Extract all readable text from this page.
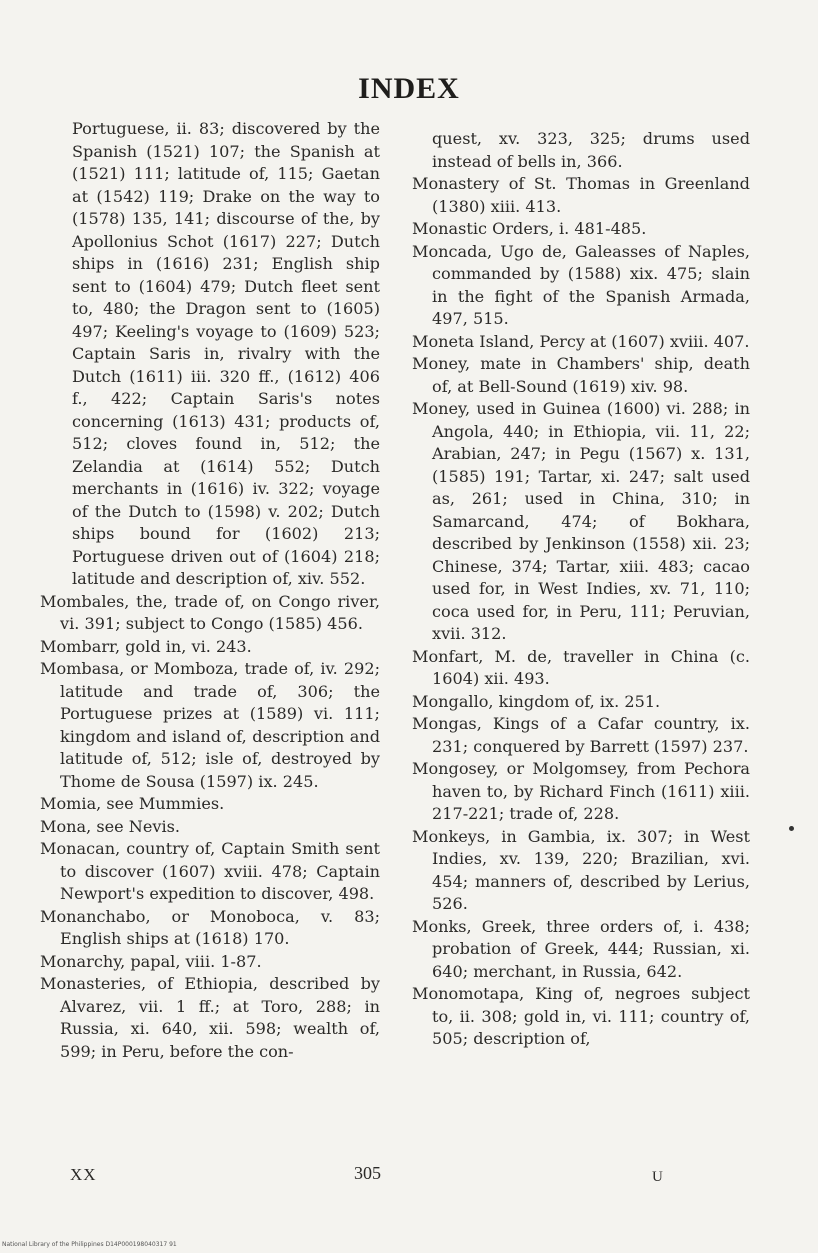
INDEX

Portuguese, ii. 83; discovered by the Spanish (1521) 107; the Spanish at (1521) 111; latitude of, 115; Gaetan at (1542) 119; Drake on the way to (1578) 135, 141; discourse of the, by Apollonius Schot (1617) 227; Dutch ships in (1616) 231; English ship sent to (1604) 479; Dutch fleet sent to, 480; the Dragon sent to (1605) 497; Keeling's voyage to (1609) 523; Captain Saris in, rivalry with the Dutch (1611) iii. 320 ff., (1612) 406 f., 422; Captain Saris's notes concerning (1613) 431; products of, 512; cloves found in, 512; the Zelandia at (1614) 552; Dutch merchants in (1616) iv. 322; voyage of the Dutch to (1598) v. 202; Dutch ships bound for (1602) 213; Portuguese driven out of (1604) 218; latitude and description of, xiv. 552.

Mombales, the, trade of, on Congo river, vi. 391; subject to Congo (1585) 456.

Mombarr, gold in, vi. 243.

Mombasa, or Momboza, trade of, iv. 292; latitude and trade of, 306; the Portuguese prizes at (1589) vi. 111; kingdom and island of, description and latitude of, 512; isle of, destroyed by Thome de Sousa (1597) ix. 245.

Momia, see Mummies.

Mona, see Nevis.

Monacan, country of, Captain Smith sent to discover (1607) xviii. 478; Captain Newport's expedition to discover, 498.

Monanchabo, or Monoboca, v. 83; English ships at (1618) 170.

Monarchy, papal, viii. 1-87.

Monasteries, of Ethiopia, described by Alvarez, vii. 1 ff.; at Toro, 288; in Russia, xi. 640, xii. 598; wealth of, 599; in Peru, before the con-

quest, xv. 323, 325; drums used instead of bells in, 366.

Monastery of St. Thomas in Greenland (1380) xiii. 413.

Monastic Orders, i. 481-485.

Moncada, Ugo de, Galeasses of Naples, commanded by (1588) xix. 475; slain in the fight of the Spanish Armada, 497, 515.

Moneta Island, Percy at (1607) xviii. 407.

Money, mate in Chambers' ship, death of, at Bell-Sound (1619) xiv. 98.

Money, used in Guinea (1600) vi. 288; in Angola, 440; in Ethiopia, vii. 11, 22; Arabian, 247; in Pegu (1567) x. 131, (1585) 191; Tartar, xi. 247; salt used as, 261; used in China, 310; in Samarcand, 474; of Bokhara, described by Jenkinson (1558) xii. 23; Chinese, 374; Tartar, xiii. 483; cacao used for, in West Indies, xv. 71, 110; coca used for, in Peru, 111; Peruvian, xvii. 312.

Monfart, M. de, traveller in China (c. 1604) xii. 493.

Mongallo, kingdom of, ix. 251.

Mongas, Kings of a Cafar country, ix. 231; conquered by Barrett (1597) 237.

Mongosey, or Molgomsey, from Pechora haven to, by Richard Finch (1611) xiii. 217-221; trade of, 228.

Monkeys, in Gambia, ix. 307; in West Indies, xv. 139, 220; Brazilian, xvi. 454; manners of, described by Lerius, 526.

Monks, Greek, three orders of, i. 438; probation of Greek, 444; Russian, xi. 640; merchant, in Russia, 642.

Monomotapa, King of, negroes subject to, ii. 308; gold in, vi. 111; country of, 505; description of,

XX	305	U
National Library of the Philippines D14P000198040317 91
